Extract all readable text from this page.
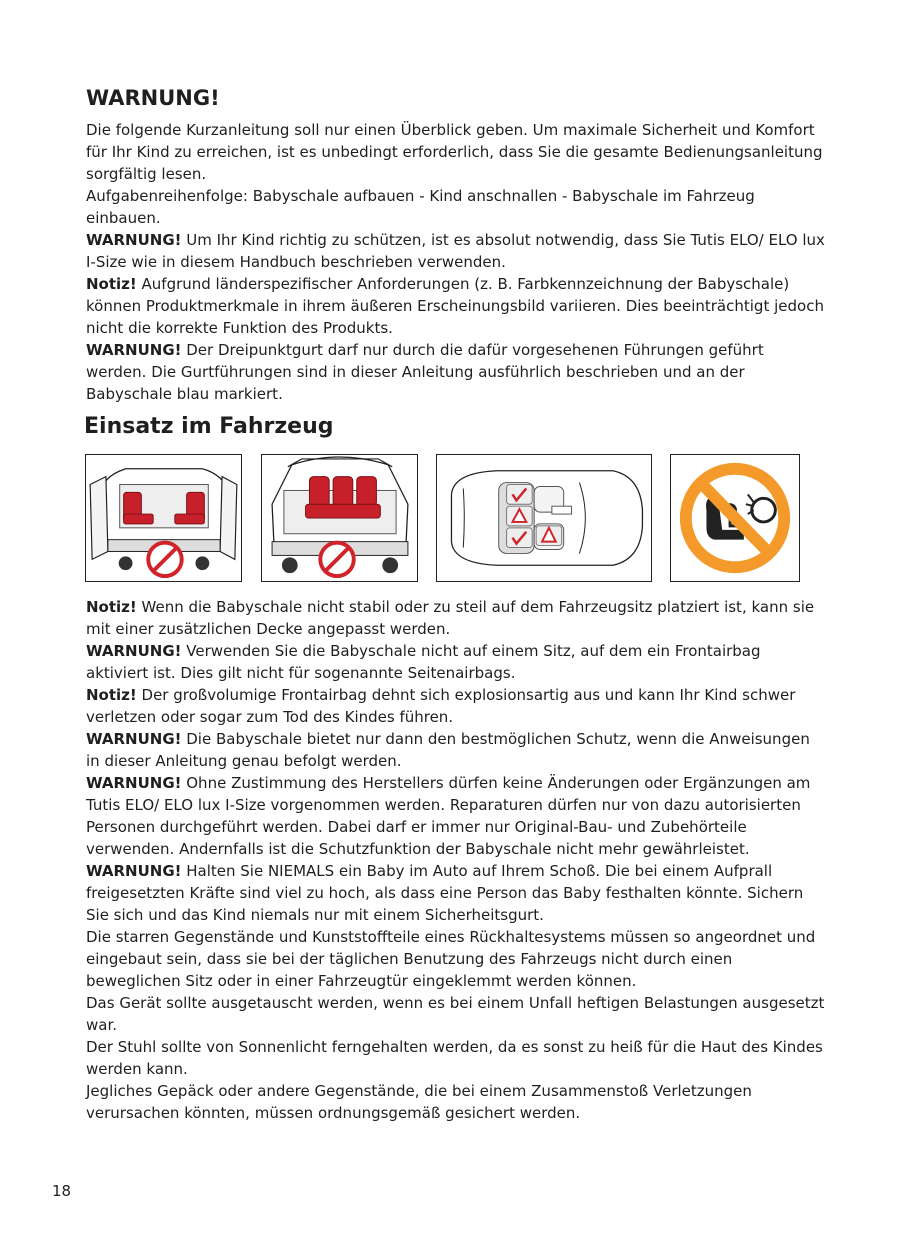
WARNUNG!

Die folgende Kurzanleitung soll nur einen Überblick geben. Um maximale Sicherheit und Komfort für Ihr Kind zu erreichen, ist es unbedingt erforderlich, dass Sie die gesamte Bedienungsanleitung sorgfältig lesen.

Aufgabenreihenfolge: Babyschale aufbauen - Kind anschnallen - Babyschale im Fahrzeug einbauen.

WARNUNG! Um Ihr Kind richtig zu schützen, ist es absolut notwendig, dass Sie Tutis ELO/ ELO lux I-Size wie in diesem Handbuch beschrieben verwenden.

Notiz! Aufgrund länderspezifischer Anforderungen (z. B. Farbkennzeichnung der Babyschale) können Produktmerkmale in ihrem äußeren Erscheinungsbild variieren. Dies beeinträchtigt jedoch nicht die korrekte Funktion des Produkts.

WARNUNG! Der Dreipunktgurt darf nur durch die dafür vorgesehenen Führungen geführt werden. Die Gurtführungen sind in dieser Anleitung ausführlich beschrieben und an der Babyschale blau markiert.

Einsatz im Fahrzeug

Notiz! Wenn die Babyschale nicht stabil oder zu steil auf dem Fahrzeugsitz platziert ist, kann sie mit einer zusätzlichen Decke angepasst werden.

WARNUNG! Verwenden Sie die Babyschale nicht auf einem Sitz, auf dem ein Frontairbag aktiviert ist. Dies gilt nicht für sogenannte Seitenairbags.

Notiz! Der großvolumige Frontairbag dehnt sich explosionsartig aus und kann Ihr Kind schwer verletzen oder sogar zum Tod des Kindes führen.

WARNUNG! Die Babyschale bietet nur dann den bestmöglichen Schutz, wenn die Anweisungen in dieser Anleitung genau befolgt werden.

WARNUNG! Ohne Zustimmung des Herstellers dürfen keine Änderungen oder Ergänzungen am Tutis ELO/ ELO lux I-Size vorgenommen werden. Reparaturen dürfen nur von dazu autorisierten Personen durchgeführt werden. Dabei darf er immer nur Original-Bau- und Zubehörteile verwenden. Andernfalls ist die Schutzfunktion der Babyschale nicht mehr gewährleistet.

WARNUNG! Halten Sie NIEMALS ein Baby im Auto auf Ihrem Schoß. Die bei einem Aufprall freigesetzten Kräfte sind viel zu hoch, als dass eine Person das Baby festhalten könnte. Sichern Sie sich und das Kind niemals nur mit einem Sicherheitsgurt.

Die starren Gegenstände und Kunststoffteile eines Rückhaltesystems müssen so angeordnet und eingebaut sein, dass sie bei der täglichen Benutzung des Fahrzeugs nicht durch einen beweglichen Sitz oder in einer Fahrzeugtür eingeklemmt werden können.

Das Gerät sollte ausgetauscht werden, wenn es bei einem Unfall heftigen Belastungen ausgesetzt war.

Der Stuhl sollte von Sonnenlicht ferngehalten werden, da es sonst zu heiß für die Haut des Kindes werden kann.

Jegliches Gepäck oder andere Gegenstände, die bei einem Zusammenstoß Verletzungen verursachen könnten, müssen ordnungsgemäß gesichert werden.

18
